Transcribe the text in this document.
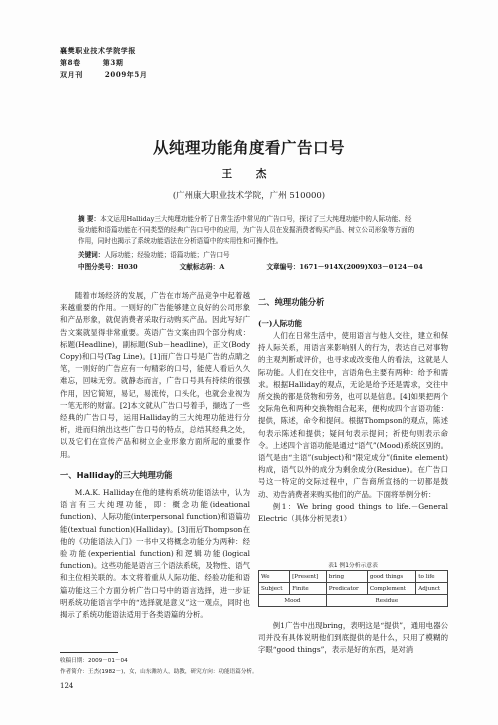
襄樊职业技术学院学报
第8卷	第3期
双月刊	2009年5月
从纯理功能角度看广告口号
王 杰
(广州康大职业技术学院，广州 510000)
摘 要：本文运用Halliday三大纯理功能分析了日常生活中常见的广告口号，探讨了三大纯理功能中的人际功能、经验功能和语篇功能在不同类型的经典广告口号中的应用，为广告人员在发掘消费者购买产品、树立公司形象等方面的作用，同时也揭示了系统功能语法在分析语篇中的实用性和可操作性。
关键词：人际功能；经验功能；语篇功能；广告口号
中图分类号：H030	文献标志码：A	文章编号：1671－914X(2009)X03－0124－04
随着市场经济的发展，广告在市场产品竞争中起着越来越重要的作用。一则好的广告能够建立良好的公司形象和产品形象，就促消费者采取行动购买产品。因此写好广告文案就显得非常重要。英语广告文案由四个部分构成：标题(Headline)，副标题(Sub－headline)，正文(Body Copy)和口号(Tag Line)。[1]而广告口号是广告的点睛之笔，一则好的广告应有一句精彩的口号，能使人看后久久难忘，回味无穷。就静态而言，广告口号具有持续的很强作用，因它简短，易记，易流传，口头化，也就会业视为一笔无形的财富。[2]本文就从广告口号着手，撷选了一些经典的广告口号，运用Halliday的三大纯理功能进行分析，进而归纳出这些广告口号的特点，总结其经典之处，以及它们在宣传产品和树立企业形象方面所起的重要作用。
一、Halliday的三大纯理功能
M.A.K. Halliday在他的建构系统功能语法中，认为语言有三大纯理功能，即：概念功能(ideational function)、人际功能(interpersonal function)和语篇功能(textual function)(Halliday)。[3]而后Thompson在他的《功能语法入门》一书中又将概念功能分为两种：经验功能(experiential function)和逻辑功能(logical function)。这些功能是语言三个语法系统，及物性、语气和主位相关联的。本文将着重从人际功能、经验功能和语篇功能这三个方面分析广告口号中的语言选择，进一步证明系统功能语言学中的“选择就是意义”这一观点，同时也揭示了系统功能语法适用于各类语篇的分析。
收稿日期：2009－01－04
作者简介：王杰(1982－)，女，山东潍坊人，助教，研究方向：功能语篇分析。
二、纯理功能分析
(一)人际功能
人们在日常生活中，使用语言与他人交往，建立和保持人际关系，用语言来影响别人的行为，表达自己对事物的主观判断或评价，也寻求或改变他人的看法，这就是人际功能。人们在交往中，言语角色主要有两种：给予和需求。根据Halliday的观点，无论是给予还是需求，交往中所交换的都是货物和劳务，也可以是信息。[4]如果把两个交际角色和两种交换物组合起来，便构成四个言语功能：提供，陈述，命令和提问。根据Thompson的观点，陈述句表示陈述和提供；疑问句表示提问；祈使句则表示命令。上述四个言语功能是通过“语气”(Mood)系统区别的。语气是由“主语”(subject)和“限定成分”(finite element)构成，语气以外的成分为剩余成分(Residue)。在广告口号这一特定的交际过程中，广告商所宣扬的一切都是鼓动、劝告消费者来购买他们的产品。下面将举例分析：
例1：We bring good things to life.－General Electric（具体分析见表1）
表1 例1分析示意表
We	[Present]	bring	good things	to life
Subject	Finite	Predicator	Complement	Adjunct
Mood		Residue		
例1广告中出现bring，表明这是“提供”，通用电器公司并没有具体说明他们到底提供的是什么，只用了模糊的字眼“good things”，表示是好的东西，是对消
124
